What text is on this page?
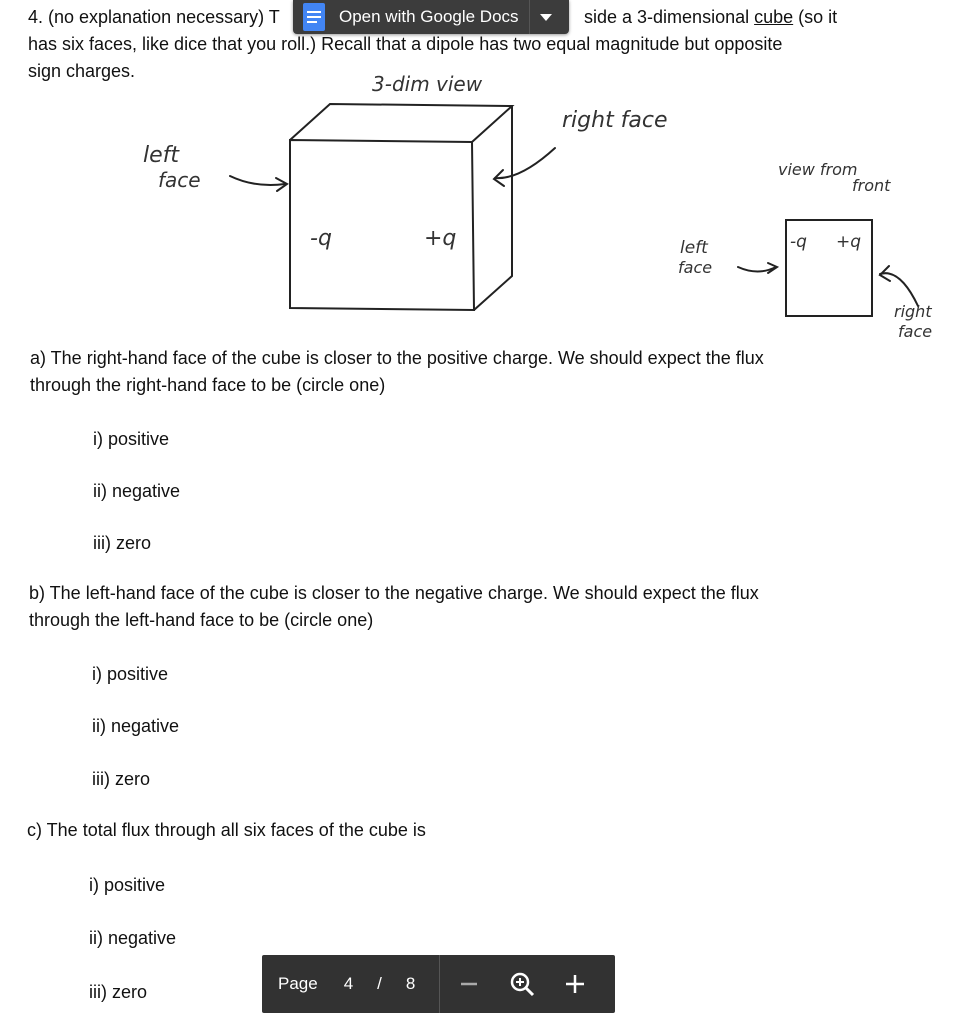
4. (no explanation necessary) T	side a 3-dimensional cube (so it
has six faces, like dice that you roll.) Recall that a dipole has two equal magnitude but opposite
sign charges.
Open with Google Docs
3-dim view
left
face
right face
-q	+q
view from
front
left
face
-q +q
right
face
a) The right-hand face of the cube is closer to the positive charge. We should expect the flux
through the right-hand face to be (circle one)
i) positive
ii) negative
iii) zero
b) The left-hand face of the cube is closer to the negative charge. We should expect the flux
through the left-hand face to be (circle one)
i) positive
ii) negative
iii) zero
c) The total flux through all six faces of the cube is
i) positive
ii) negative
iii) zero	Page 4 / 8
